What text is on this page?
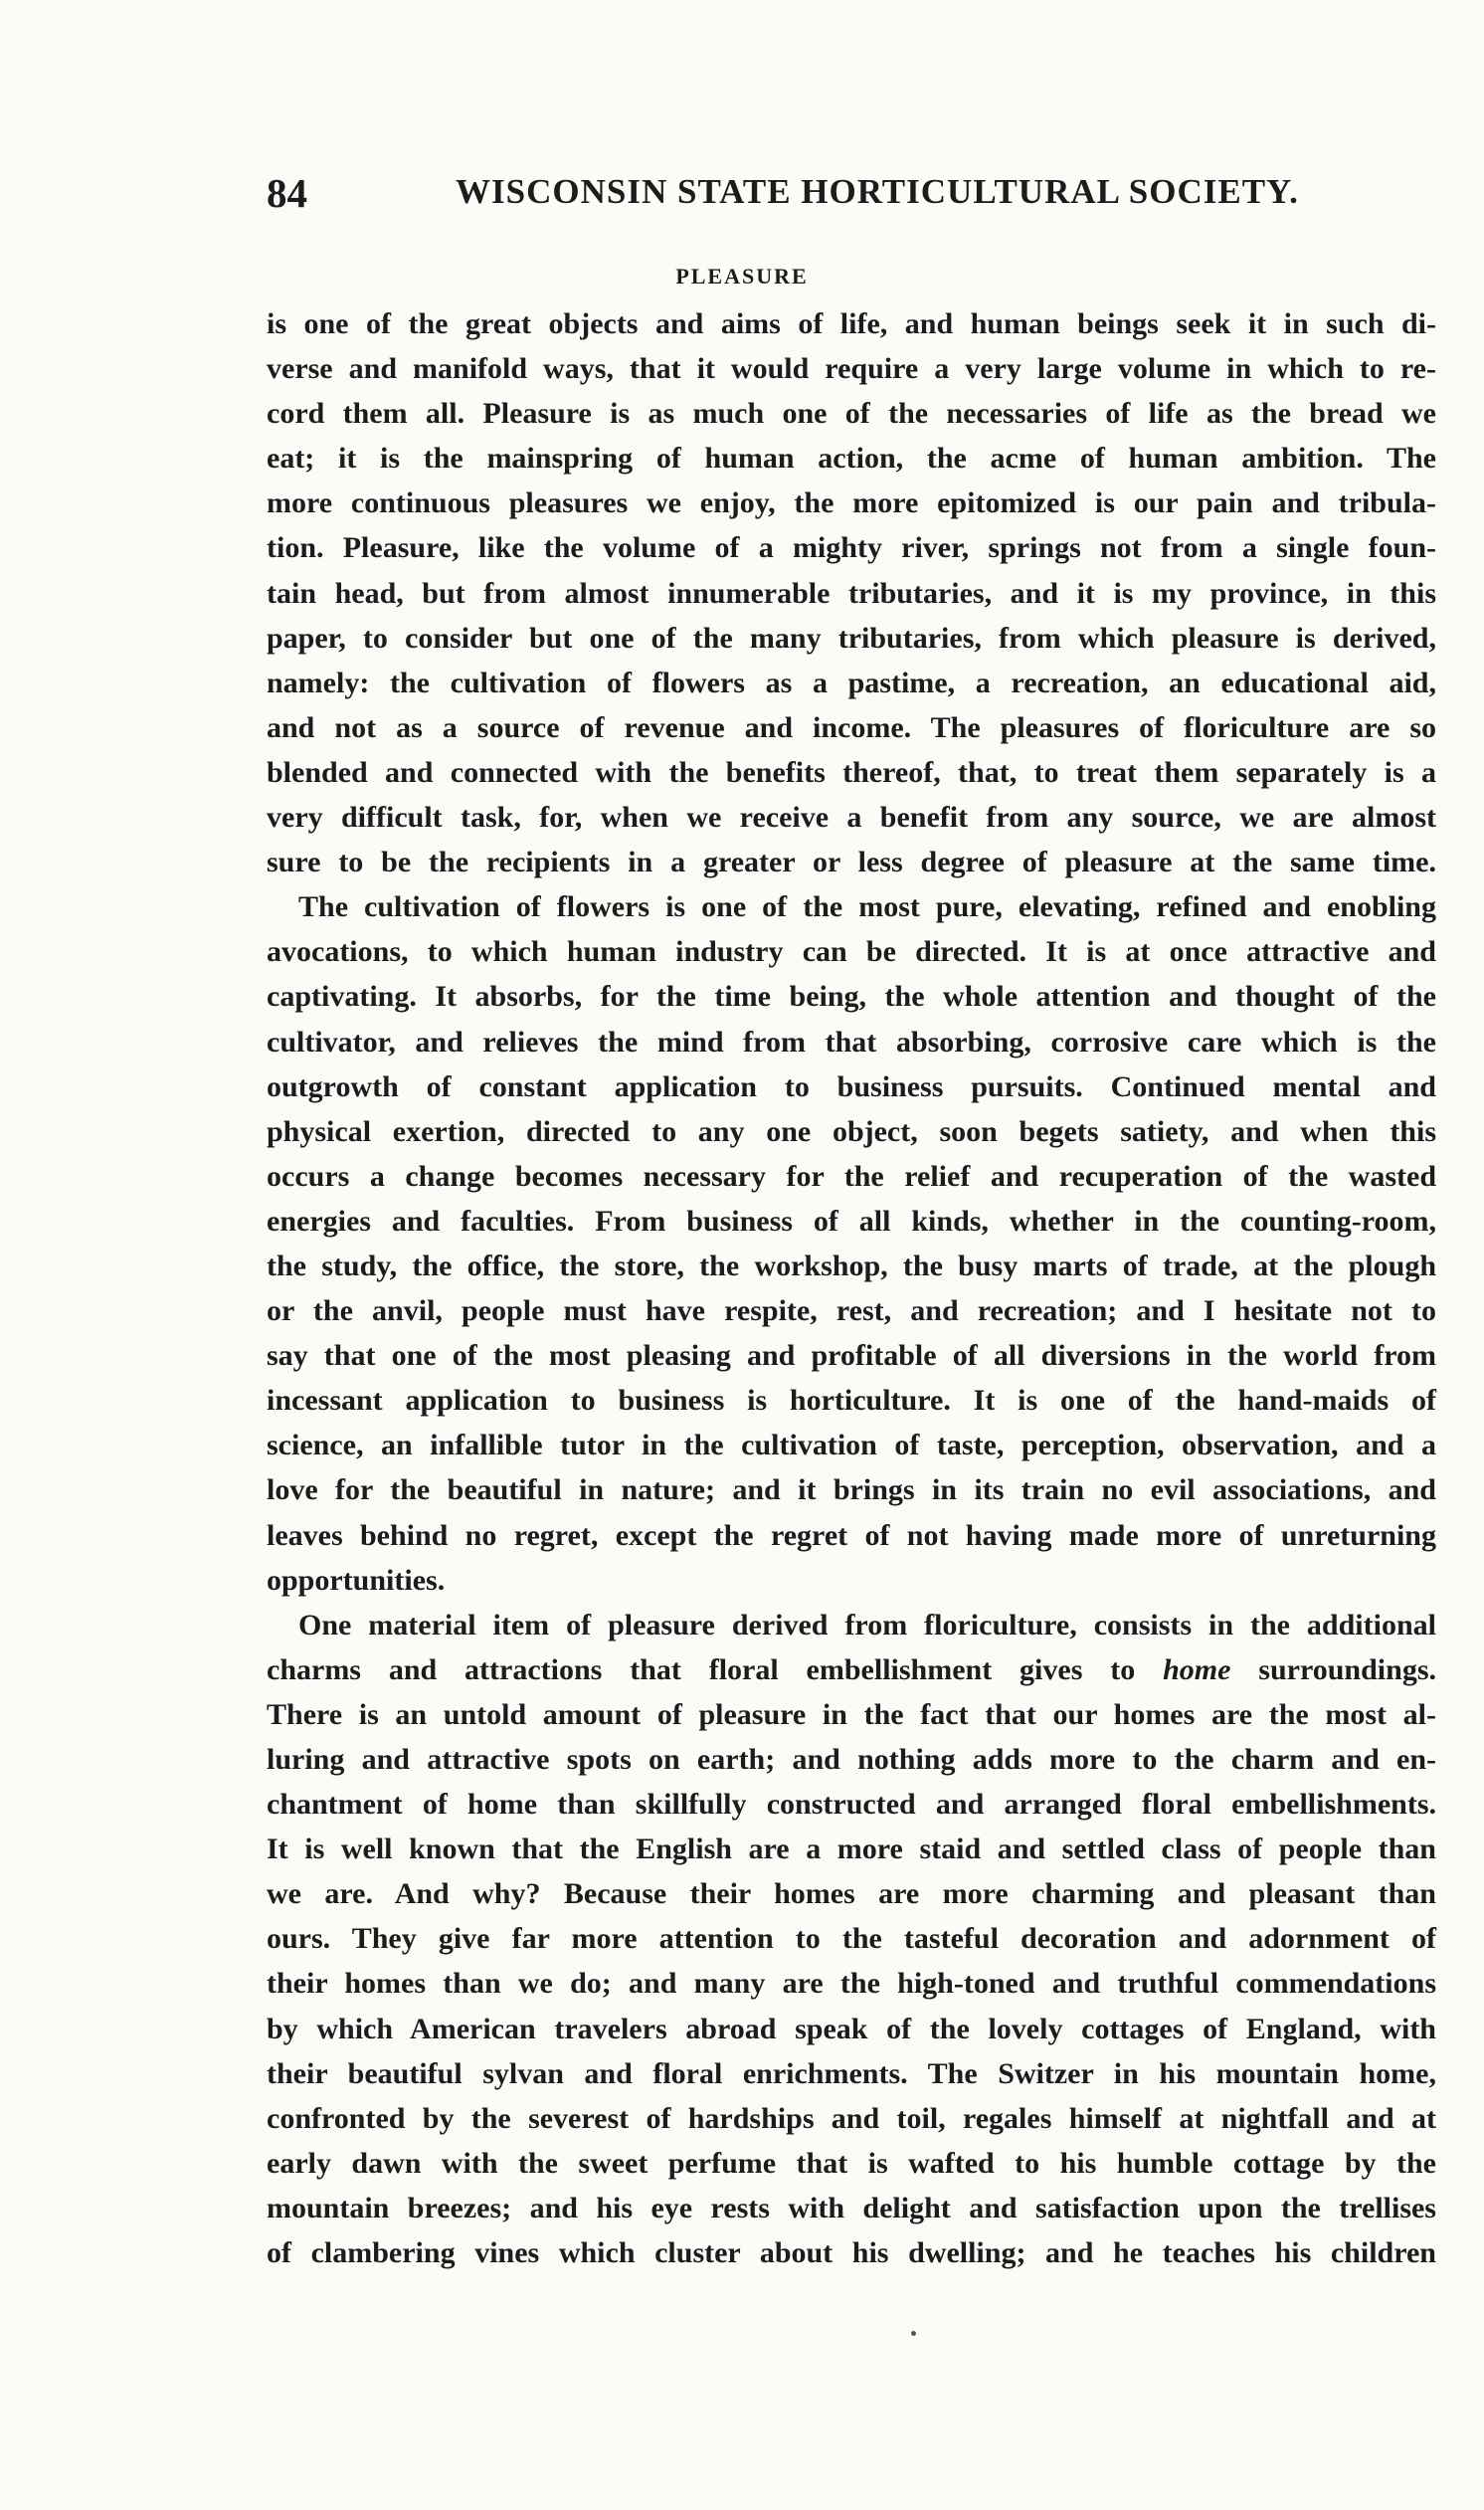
84	WISCONSIN STATE HORTICULTURAL SOCIETY.
PLEASURE
is one of the great objects and aims of life, and human beings seek it in such di-
verse and manifold ways, that it would require a very large volume in which to re-
cord them all. Pleasure is as much one of the necessaries of life as the bread we
eat; it is the mainspring of human action, the acme of human ambition. The
more continuous pleasures we enjoy, the more epitomized is our pain and tribula-
tion. Pleasure, like the volume of a mighty river, springs not from a single foun-
tain head, but from almost innumerable tributaries, and it is my province, in this
paper, to consider but one of the many tributaries, from which pleasure is derived,
namely: the cultivation of flowers as a pastime, a recreation, an educational aid,
and not as a source of revenue and income. The pleasures of floriculture are so
blended and connected with the benefits thereof, that, to treat them separately is a
very difficult task, for, when we receive a benefit from any source, we are almost
sure to be the recipients in a greater or less degree of pleasure at the same time.
The cultivation of flowers is one of the most pure, elevating, refined and enobling
avocations, to which human industry can be directed. It is at once attractive and
captivating. It absorbs, for the time being, the whole attention and thought of the
cultivator, and relieves the mind from that absorbing, corrosive care which is the
outgrowth of constant application to business pursuits. Continued mental and
physical exertion, directed to any one object, soon begets satiety, and when this
occurs a change becomes necessary for the relief and recuperation of the wasted
energies and faculties. From business of all kinds, whether in the counting-room,
the study, the office, the store, the workshop, the busy marts of trade, at the plough
or the anvil, people must have respite, rest, and recreation; and I hesitate not to
say that one of the most pleasing and profitable of all diversions in the world from
incessant application to business is horticulture. It is one of the hand-maids of
science, an infallible tutor in the cultivation of taste, perception, observation, and a
love for the beautiful in nature; and it brings in its train no evil associations, and
leaves behind no regret, except the regret of not having made more of unreturning
opportunities.
One material item of pleasure derived from floriculture, consists in the additional
charms and attractions that floral embellishment gives to home surroundings.
There is an untold amount of pleasure in the fact that our homes are the most al-
luring and attractive spots on earth; and nothing adds more to the charm and en-
chantment of home than skillfully constructed and arranged floral embellishments.
It is well known that the English are a more staid and settled class of people than
we are. And why? Because their homes are more charming and pleasant than
ours. They give far more attention to the tasteful decoration and adornment of
their homes than we do; and many are the high-toned and truthful commendations
by which American travelers abroad speak of the lovely cottages of England, with
their beautiful sylvan and floral enrichments. The Switzer in his mountain home,
confronted by the severest of hardships and toil, regales himself at nightfall and at
early dawn with the sweet perfume that is wafted to his humble cottage by the
mountain breezes; and his eye rests with delight and satisfaction upon the trellises
of clambering vines which cluster about his dwelling; and he teaches his children
